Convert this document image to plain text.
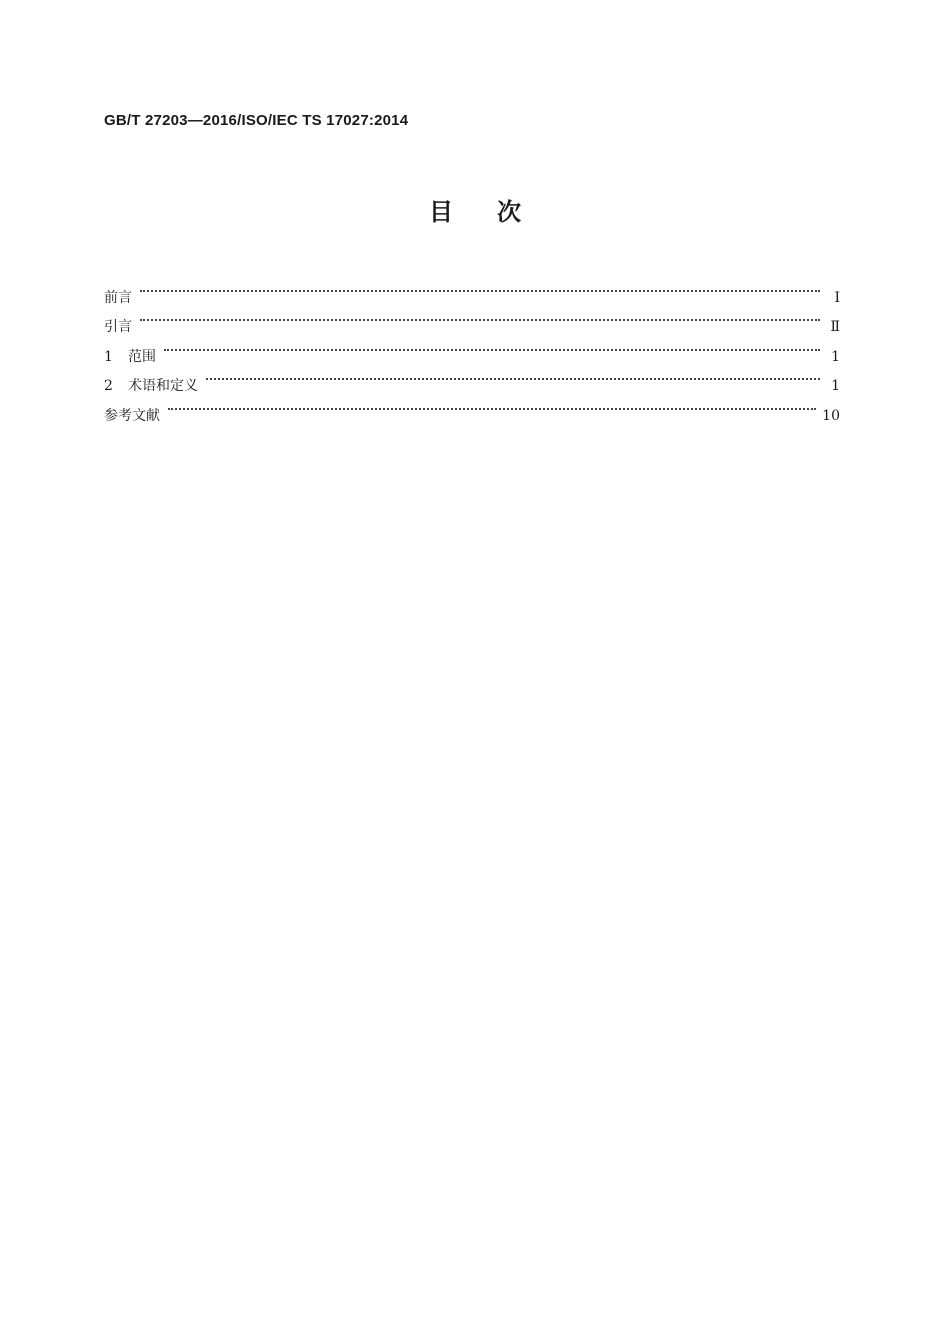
GB/T 27203—2016/ISO/IEC TS 17027:2014
目 次
前言	Ⅰ
引言	Ⅱ
1	范围	1
2	术语和定义	1
参考文献	10
